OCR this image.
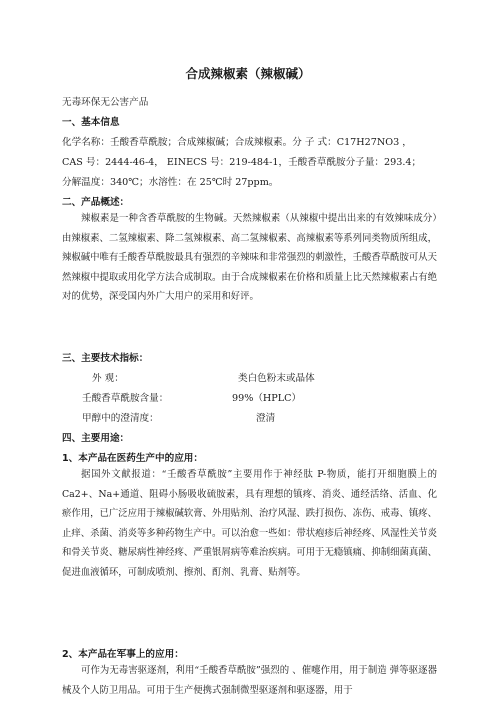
合成辣椒素（辣椒碱）
无毒环保无公害产品
一、基本信息
化学名称：壬酸香草酰胺；合成辣椒碱；合成辣椒素。分 子 式：C17H27NO3 ，
CAS 号：2444-46-4， EINECS 号：219-484-1，壬酸香草酰胺分子量：293.4；
分解温度：340℃；水溶性：在 25℃时 27ppm。
二、产品概述：
辣椒素是一种含香草酰胺的生物碱。天然辣椒素（从辣椒中提出出来的有效辣味成分）由辣椒素、二氢辣椒素、降二氢辣椒素、高二氢辣椒素、高辣椒素等系列同类物质所组成，辣椒碱中唯有壬酸香草酰胺最具有强烈的辛辣味和非常强烈的刺激性，壬酸香草酰胺可从天然辣椒中提取或用化学方法合成制取。由于合成辣椒素在价格和质量上比天然辣椒素占有绝对的优势，深受国内外广大用户的采用和好评。
三、主要技术指标：
外 观：	类白色粉末或晶体
壬酸香草酰胺含量：	99%（HPLC）
甲醇中的澄清度：	澄清
四、主要用途：
1、本产品在医药生产中的应用：
据国外文献报道：“壬酸香草酰胺”主要用作于神经肽 P-物质，能打开细胞膜上的 Ca2+、Na+通道、阻碍小肠吸收硫胺素，具有理想的镇疼、消炎、通经活络、活血、化瘀作用，已广泛应用于辣椒碱软膏、外用贴剂、治疗风湿、跌打损伤、冻伤、戒毒、镇疼、止痒、杀菌、消炎等多种药物生产中。可以治愈一些如：带状疱疹后神经疼、风湿性关节炎和骨关节炎、糖尿病性神经疼、严重银屑病等难治疾病。可用于无瘾镇痛、抑制细菌真菌、促进血液循环，可制成喷剂、擦剂、酊剂、乳膏、贴剂等。
2、本产品在军事上的应用：
可作为无毒害驱逐剂，利用“壬酸香草酰胺”强烈的 、催嚏作用，用于制造 弹等驱逐器械及个人防卫用品。可用于生产便携式强制微型驱逐剂和驱逐器，用于
